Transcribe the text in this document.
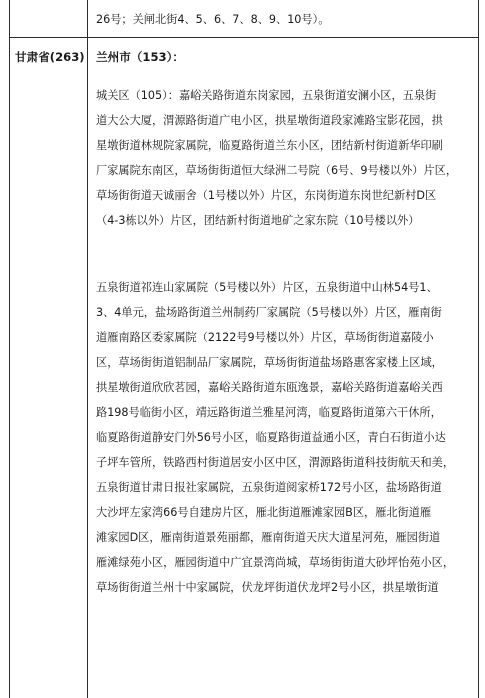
26号；关闸北街4、5、6、7、8、9、10号）。
甘肃省(263) 兰州市（153）：
城关区（105）：嘉峪关路街道东岗家园，五泉街道安澜小区，五泉街
道大公大厦，渭源路街道广电小区，拱星墩街道段家滩路宝影花园，拱
星墩街道林规院家属院，临夏路街道兰东小区，团结新村街道新华印刷
厂家属院东南区，草场街街道恒大绿洲二号院（6号、9号楼以外）片区，
草场街街道天诚丽舍（1号楼以外）片区，东岗街道东岗世纪新村D区
（4-3栋以外）片区，团结新村街道地矿之家东院（10号楼以外）
五泉街道祁连山家属院（5号楼以外）片区，五泉街道中山林54号1、
3、4单元，盐场路街道兰州制药厂家属院（5号楼以外）片区，雁南街
道雁南路区委家属院（2122号9号楼以外）片区，草场街街道嘉陵小
区，草场街街道铝制品厂家属院，草场街街道盐场路惠客家楼上区域，
拱星墩街道欣欣茗园，嘉峪关路街道东瓯逸景，嘉峪关路街道嘉峪关西
路198号临街小区，靖远路街道兰雅星河湾，临夏路街道第六干休所，
临夏路街道静安门外56号小区，临夏路街道益通小区，青白石街道小达
子坪车管所，铁路西村街道居安小区中区，渭源路街道科技街航天和美，
五泉街道甘肃日报社家属院，五泉街道阅家桥172号小区，盐场路街道
大沙坪左家湾66号自建房片区，雁北街道雁滩家园B区，雁北街道雁
滩家园D区，雁南街道景苑丽都，雁南街道天庆大道星河苑，雁园街道
雁滩绿苑小区，雁园街道中广宜景湾尚城，草场街街道大砂坪怡苑小区，
草场街街道兰州十中家属院，伏龙坪街道伏龙坪2号小区，拱星墩街道
